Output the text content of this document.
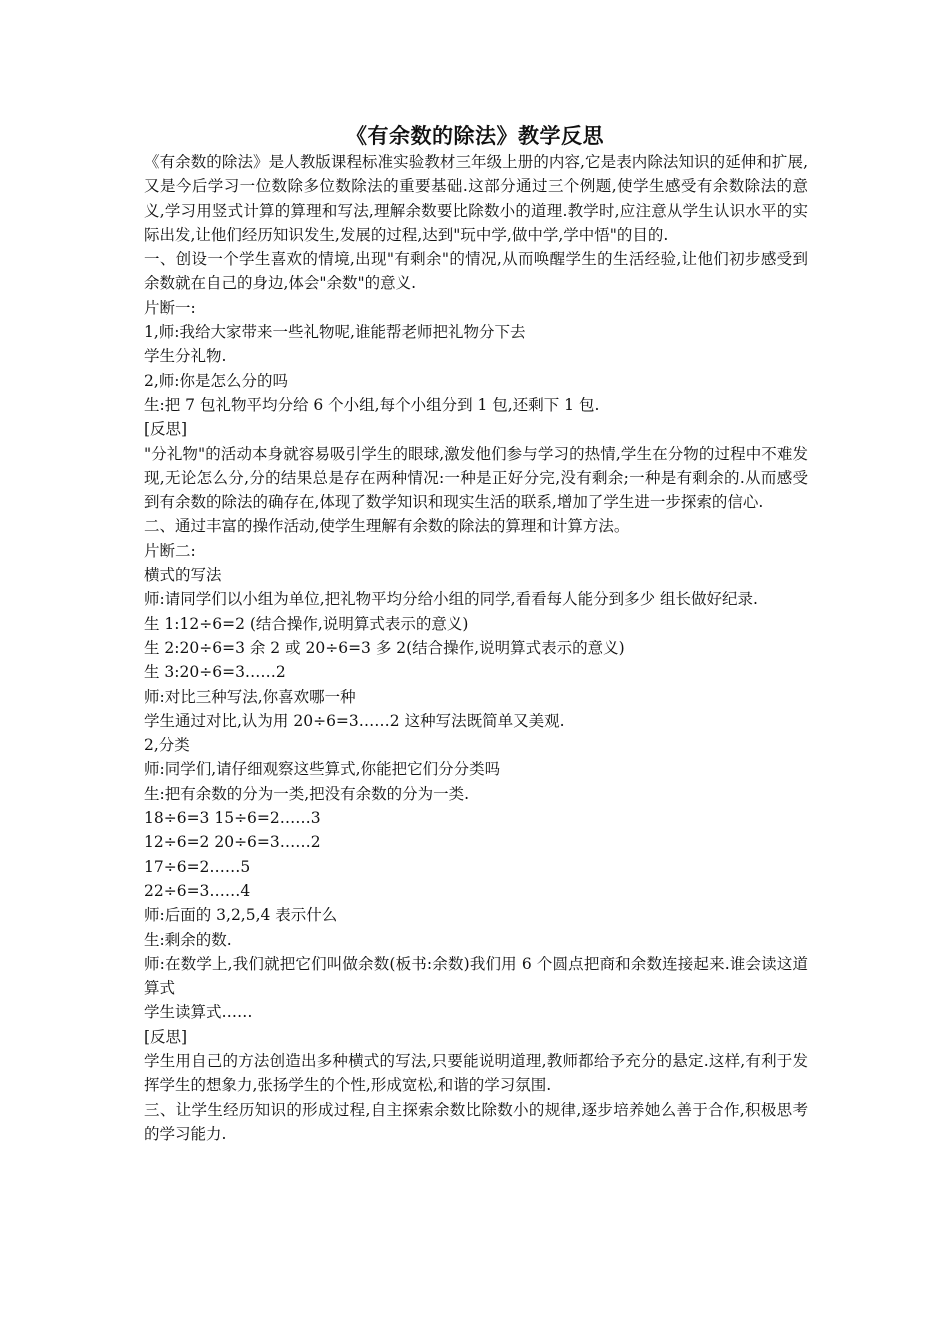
《有余数的除法》教学反思

《有余数的除法》是人教版课程标准实验教材三年级上册的内容,它是表内除法知识的延伸和扩展,又是今后学习一位数除多位数除法的重要基础.这部分通过三个例题,使学生感受有余数除法的意义,学习用竖式计算的算理和写法,理解余数要比除数小的道理.教学时,应注意从学生认识水平的实际出发,让他们经历知识发生,发展的过程,达到"玩中学,做中学,学中悟"的目的.

一、创设一个学生喜欢的情境,出现"有剩余"的情况,从而唤醒学生的生活经验,让他们初步感受到余数就在自己的身边,体会"余数"的意义.

片断一:

1,师:我给大家带来一些礼物呢,谁能帮老师把礼物分下去

学生分礼物.

2,师:你是怎么分的吗

生:把 7 包礼物平均分给 6 个小组,每个小组分到 1 包,还剩下 1 包.

[反思]

"分礼物"的活动本身就容易吸引学生的眼球,激发他们参与学习的热情,学生在分物的过程中不难发现,无论怎么分,分的结果总是存在两种情况:一种是正好分完,没有剩余;一种是有剩余的.从而感受到有余数的除法的确存在,体现了数学知识和现实生活的联系,增加了学生进一步探索的信心.

二、通过丰富的操作活动,使学生理解有余数的除法的算理和计算方法。

片断二:

横式的写法

师:请同学们以小组为单位,把礼物平均分给小组的同学,看看每人能分到多少 组长做好纪录.

生 1:12÷6=2 (结合操作,说明算式表示的意义)

生 2:20÷6=3 余 2 或 20÷6=3 多 2(结合操作,说明算式表示的意义)

生 3:20÷6=3……2

师:对比三种写法,你喜欢哪一种

学生通过对比,认为用 20÷6=3……2 这种写法既简单又美观.

2,分类

师:同学们,请仔细观察这些算式,你能把它们分分类吗

生:把有余数的分为一类,把没有余数的分为一类.

18÷6=3 15÷6=2……3

12÷6=2 20÷6=3……2

17÷6=2……5

22÷6=3……4

师:后面的 3,2,5,4 表示什么

生:剩余的数.

师:在数学上,我们就把它们叫做余数(板书:余数)我们用 6 个圆点把商和余数连接起来.谁会读这道算式

学生读算式……

[反思]

学生用自己的方法创造出多种横式的写法,只要能说明道理,教师都给予充分的悬定.这样,有利于发挥学生的想象力,张扬学生的个性,形成宽松,和谐的学习氛围.

三、让学生经历知识的形成过程,自主探索余数比除数小的规律,逐步培养她么善于合作,积极思考的学习能力.
